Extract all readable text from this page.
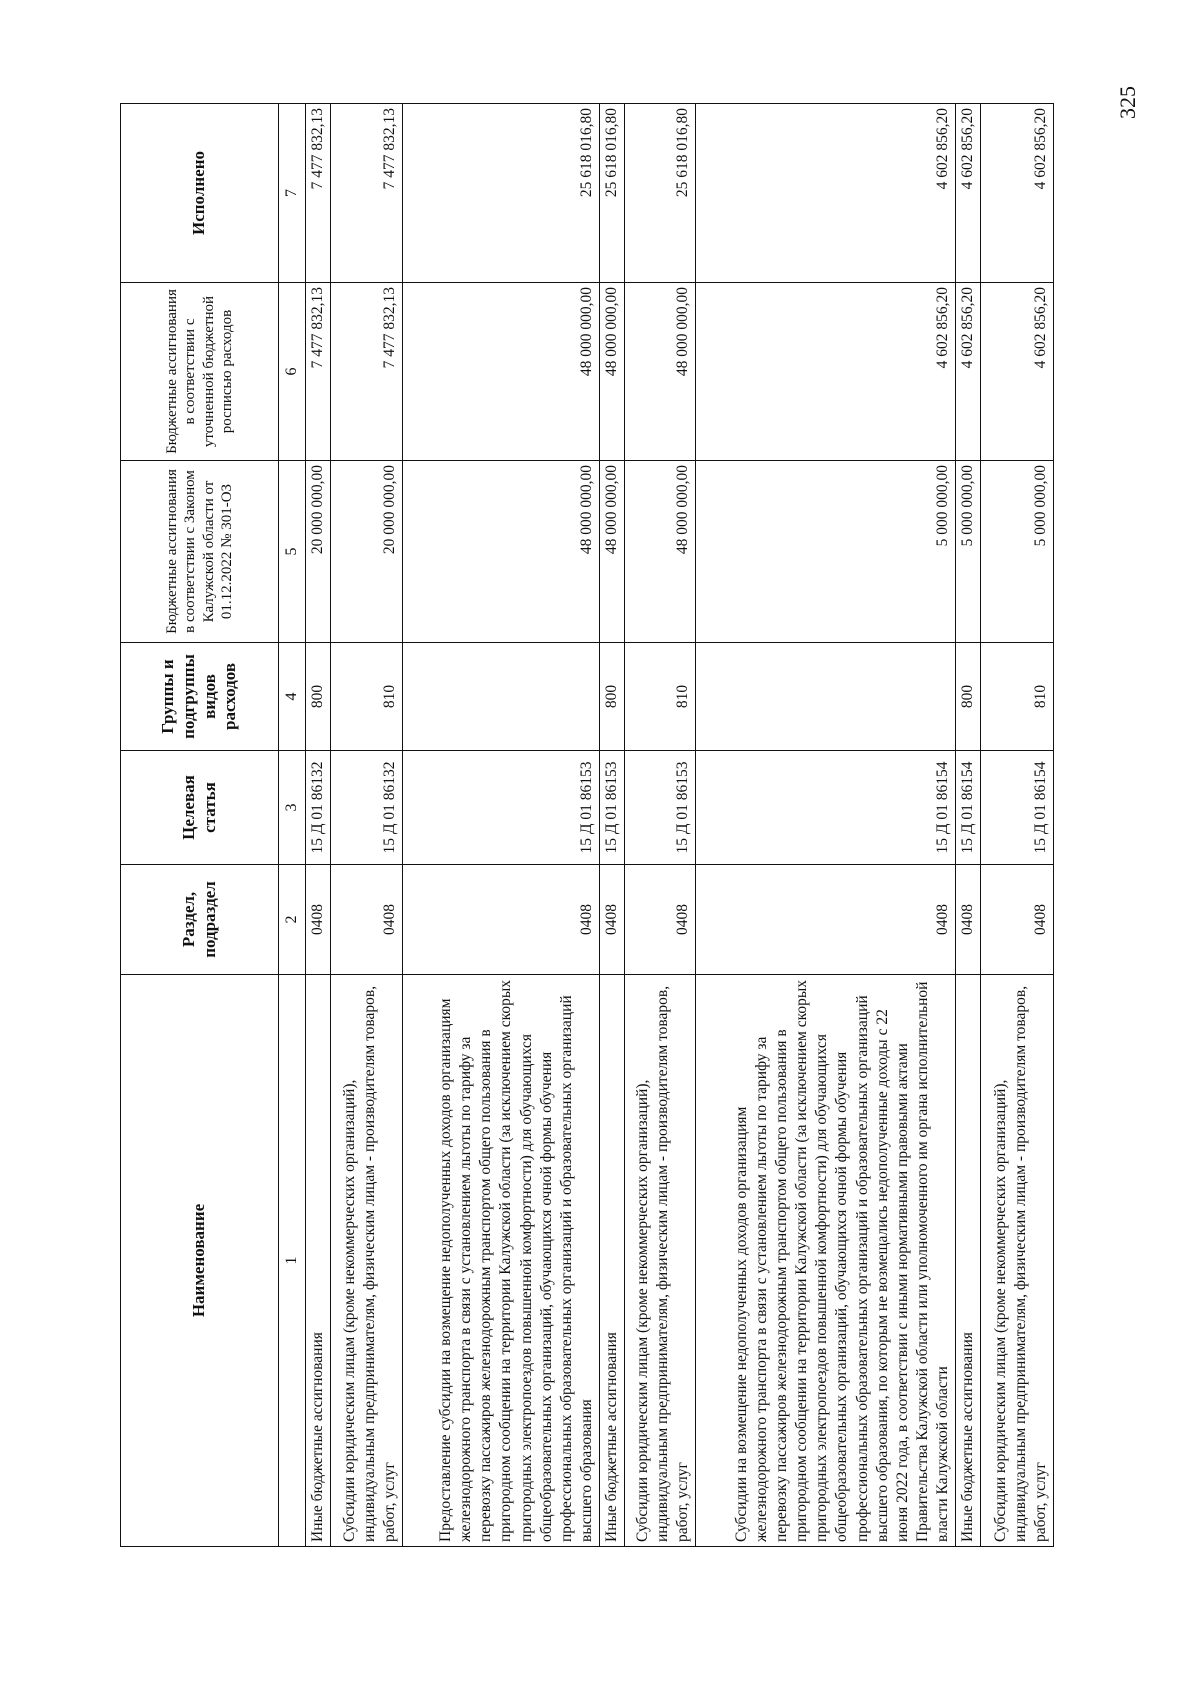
Наименование	Раздел, подраздел	Целевая статья	Группы и подгруппы видов расходов	Бюджетные ассигнования в соответствии с Законом Калужской области от 01.12.2022 № 301-ОЗ	Бюджетные ассигнования в соответствии с уточненной бюджетной росписью расходов	Исполнено
1	2	3	4	5	6	7
Иные бюджетные ассигнования	0408	15 Д 01 86132	800	20 000 000,00	7 477 832,13	7 477 832,13
Субсидии юридическим лицам (кроме некоммерческих организаций), индивидуальным предпринимателям, физическим лицам - производителям товаров, работ, услуг	0408	15 Д 01 86132	810	20 000 000,00	7 477 832,13	7 477 832,13
Предоставление субсидии на возмещение недополученных доходов организациям железнодорожного транспорта в связи с установлением льготы по тарифу за перевозку пассажиров железнодорожным транспортом общего пользования в пригородном сообщении на территории Калужской области (за исключением скорых пригородных электропоездов повышенной комфортности) для обучающихся общеобразовательных организаций, обучающихся очной формы обучения профессиональных образовательных организаций и образовательных организаций высшего образования	0408	15 Д 01 86153		48 000 000,00	48 000 000,00	25 618 016,80
Иные бюджетные ассигнования	0408	15 Д 01 86153	800	48 000 000,00	48 000 000,00	25 618 016,80
Субсидии юридическим лицам (кроме некоммерческих организаций), индивидуальным предпринимателям, физическим лицам - производителям товаров, работ, услуг	0408	15 Д 01 86153	810	48 000 000,00	48 000 000,00	25 618 016,80
Субсидии на возмещение недополученных доходов организациям железнодорожного транспорта в связи с установлением льготы по тарифу за перевозку пассажиров железнодорожным транспортом общего пользования в пригородном сообщении на территории Калужской области (за исключением скорых пригородных электропоездов повышенной комфортности) для обучающихся общеобразовательных организаций, обучающихся очной формы обучения профессиональных образовательных организаций и образовательных организаций высшего образования, по которым не возмещались недополученные доходы с 22 июня 2022 года, в соответствии с иными нормативными правовыми актами Правительства Калужской области или уполномоченного им органа исполнительной власти Калужской области	0408	15 Д 01 86154		5 000 000,00	4 602 856,20	4 602 856,20
Иные бюджетные ассигнования	0408	15 Д 01 86154	800	5 000 000,00	4 602 856,20	4 602 856,20
Субсидии юридическим лицам (кроме некоммерческих организаций), индивидуальным предпринимателям, физическим лицам - производителям товаров, работ, услуг	0408	15 Д 01 86154	810	5 000 000,00	4 602 856,20	4 602 856,20
325
